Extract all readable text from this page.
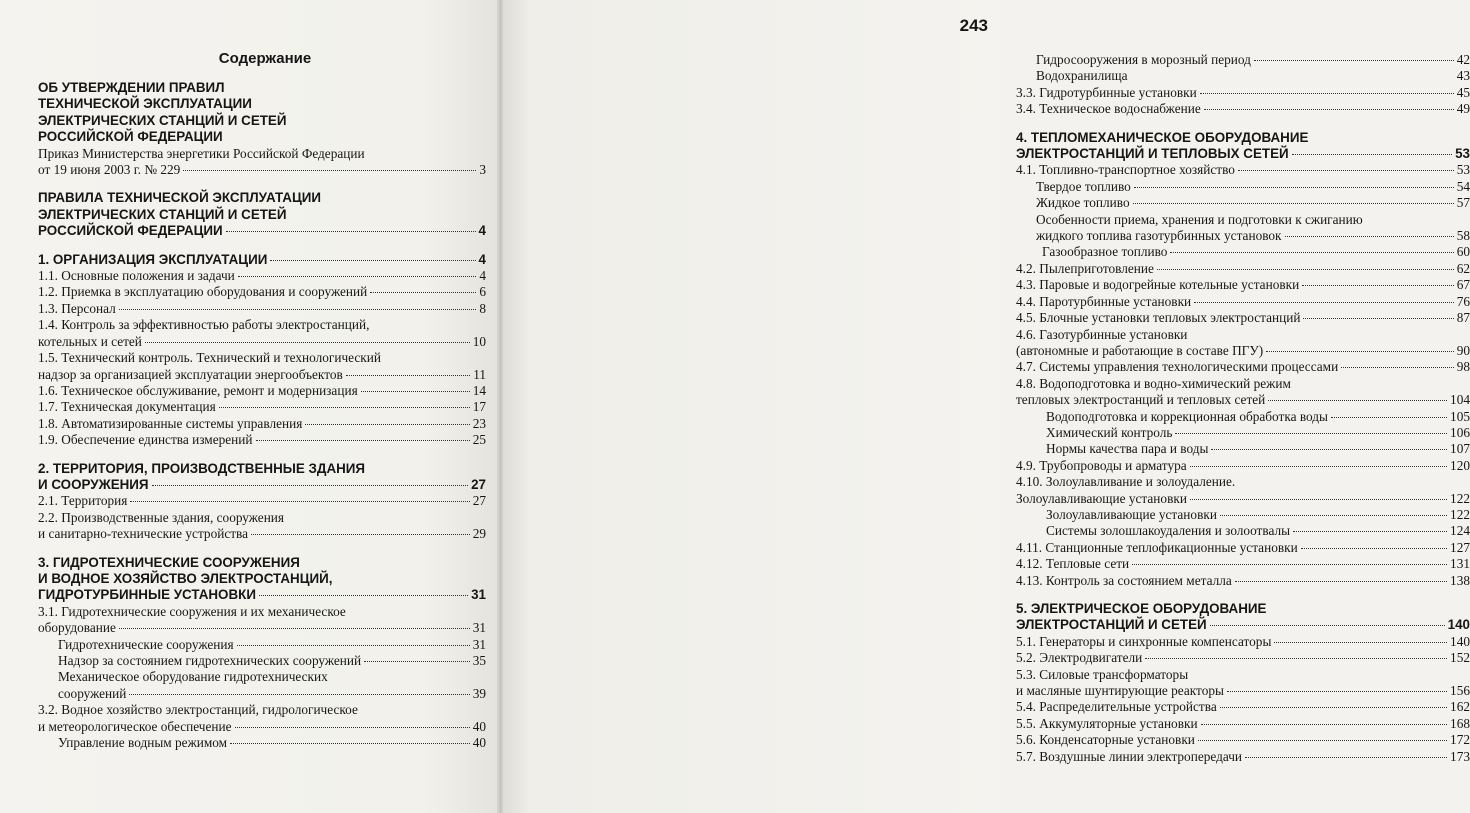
Содержание
ОБ УТВЕРЖДЕНИИ ПРАВИЛ
ТЕХНИЧЕСКОЙ ЭКСПЛУАТАЦИИ
ЭЛЕКТРИЧЕСКИХ СТАНЦИЙ И СЕТЕЙ
РОССИЙСКОЙ ФЕДЕРАЦИИ
Приказ Министерства энергетики Российской Федерации
от 19 июня 2003 г. № 229	3
ПРАВИЛА ТЕХНИЧЕСКОЙ ЭКСПЛУАТАЦИИ
ЭЛЕКТРИЧЕСКИХ СТАНЦИЙ И СЕТЕЙ
РОССИЙСКОЙ ФЕДЕРАЦИИ	4
1. ОРГАНИЗАЦИЯ ЭКСПЛУАТАЦИИ	4
1.1. Основные положения и задачи	4
1.2. Приемка в эксплуатацию оборудования и сооружений	6
1.3. Персонал	8
1.4. Контроль за эффективностью работы электростанций,
котельных и сетей	10
1.5. Технический контроль. Технический и технологический
надзор за организацией эксплуатации энергообъектов	11
1.6. Техническое обслуживание, ремонт и модернизация	14
1.7. Техническая документация	17
1.8. Автоматизированные системы управления	23
1.9. Обеспечение единства измерений	25
2. ТЕРРИТОРИЯ, ПРОИЗВОДСТВЕННЫЕ ЗДАНИЯ
И СООРУЖЕНИЯ	27
2.1. Территория	27
2.2. Производственные здания, сооружения
и санитарно-технические устройства	29
3. ГИДРОТЕХНИЧЕСКИЕ СООРУЖЕНИЯ
И ВОДНОЕ ХОЗЯЙСТВО ЭЛЕКТРОСТАНЦИЙ,
ГИДРОТУРБИННЫЕ УСТАНОВКИ	31
3.1. Гидротехнические сооружения и их механическое
оборудование	31
Гидротехнические сооружения	31
Надзор за состоянием гидротехнических сооружений	35
Механическое оборудование гидротехнических
сооружений	39
3.2. Водное хозяйство электростанций, гидрологическое
и метеорологическое обеспечение	40
Управление водным режимом	40
Гидросооружения в морозный период	42
Водохранилища	43
3.3. Гидротурбинные установки	45
3.4. Техническое водоснабжение	49
4. ТЕПЛОМЕХАНИЧЕСКОЕ ОБОРУДОВАНИЕ
ЭЛЕКТРОСТАНЦИЙ И ТЕПЛОВЫХ СЕТЕЙ	53
4.1. Топливно-транспортное хозяйство	53
Твердое топливо	54
Жидкое топливо	57
Особенности приема, хранения и подготовки к сжиганию
жидкого топлива газотурбинных установок	58
Газообразное топливо	60
4.2. Пылеприготовление	62
4.3. Паровые и водогрейные котельные установки	67
4.4. Паротурбинные установки	76
4.5. Блочные установки тепловых электростанций	87
4.6. Газотурбинные установки
(автономные и работающие в составе ПГУ)	90
4.7. Системы управления технологическими процессами	98
4.8. Водоподготовка и водно-химический режим
тепловых электростанций и тепловых сетей	104
Водоподготовка и коррекционная обработка воды	105
Химический контроль	106
Нормы качества пара и воды	107
4.9. Трубопроводы и арматура	120
4.10. Золоулавливание и золоудаление.
Золоулавливающие установки	122
Золоулавливающие установки	122
Системы золошлакоудаления и золоотвалы	124
4.11. Станционные теплофикационные установки	127
4.12. Тепловые сети	131
4.13. Контроль за состоянием металла	138
5. ЭЛЕКТРИЧЕСКОЕ ОБОРУДОВАНИЕ
ЭЛЕКТРОСТАНЦИЙ И СЕТЕЙ	140
5.1. Генераторы и синхронные компенсаторы	140
5.2. Электродвигатели	152
5.3. Силовые трансформаторы
и масляные шунтирующие реакторы	156
5.4. Распределительные устройства	162
5.5. Аккумуляторные установки	168
5.6. Конденсаторные установки	172
5.7. Воздушные линии электропередачи	173
243
